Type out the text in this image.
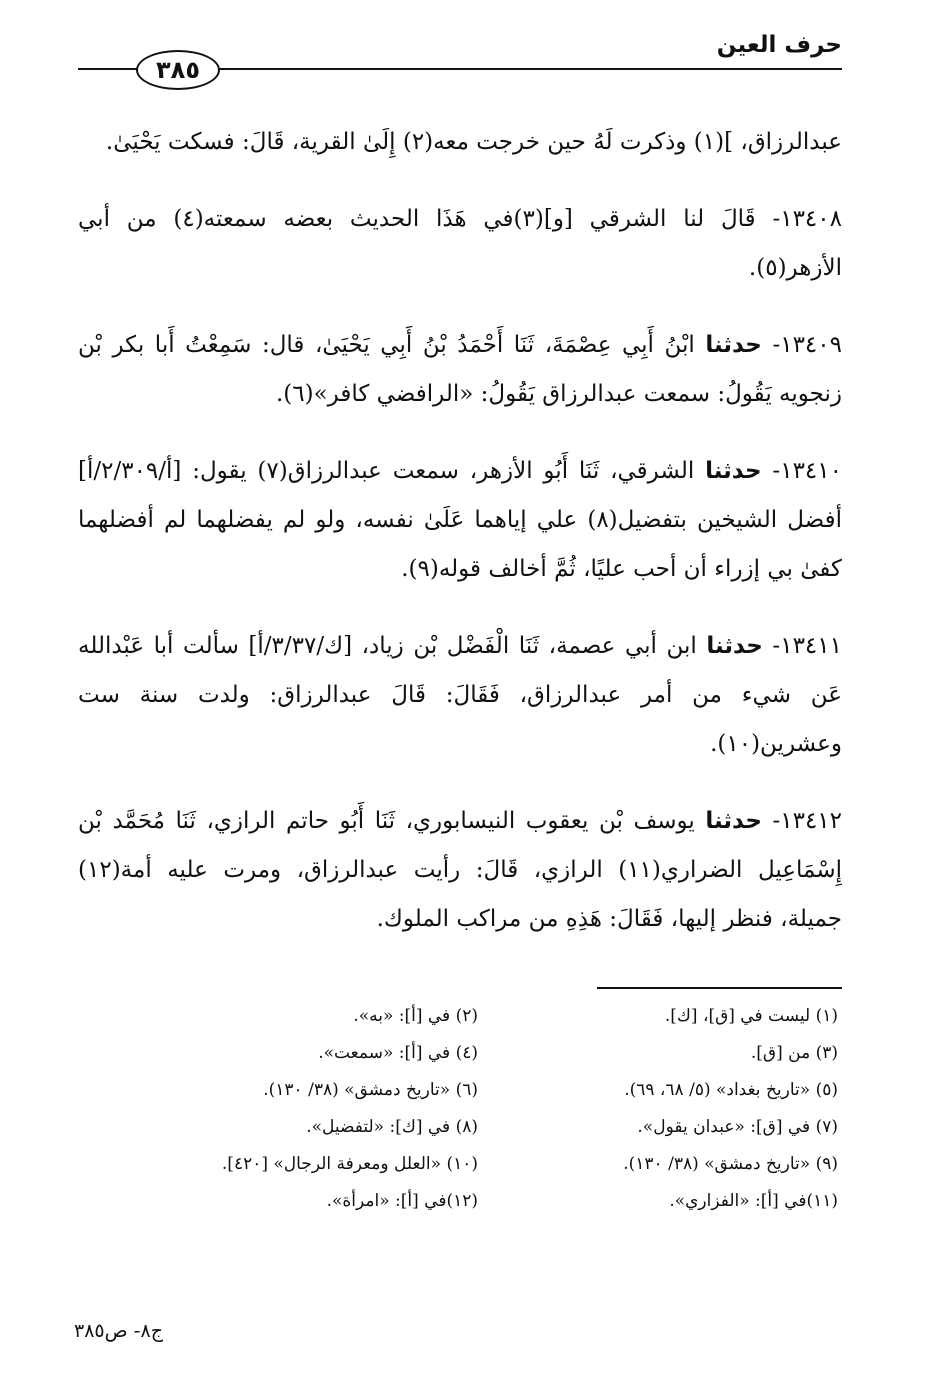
حرف العين
٣٨٥

عبدالرزاق، ](١) وذكرت لَهُ حين خرجت معه(٢) إِلَىٰ القرية، قَالَ: فسكت يَحْيَىٰ.

١٣٤٠٨- قَالَ لنا الشرقي [و](٣)في هَذَا الحديث بعضه سمعته(٤) من أبي الأزهر(٥).

١٣٤٠٩- حدثنا ابْنُ أَبِي عِصْمَةَ، ثَنَا أَحْمَدُ بْنُ أَبِي يَحْيَىٰ، قال: سَمِعْتُ أَبا بكر بْن زنجويه يَقُولُ: سمعت عبدالرزاق يَقُولُ: «الرافضي كافر»(٦).

١٣٤١٠- حدثنا الشرقي، ثَنَا أَبُو الأزهر، سمعت عبدالرزاق(٧) يقول: [أ/٢/٣٠٩/أ] أفضل الشيخين بتفضيل(٨) علي إياهما عَلَىٰ نفسه، ولو لم يفضلهما لم أفضلهما كفىٰ بي إزراء أن أحب عليًا، ثُمَّ أخالف قوله(٩).

١٣٤١١- حدثنا ابن أبي عصمة، ثَنَا الْفَضْل بْن زياد، [ك/٣/٣٧/أ] سألت أبا عَبْدالله عَن شيء من أمر عبدالرزاق، فَقَالَ: قَالَ عبدالرزاق: ولدت سنة ست وعشرين(١٠).

١٣٤١٢- حدثنا يوسف بْن يعقوب النيسابوري، ثَنَا أَبُو حاتم الرازي، ثَنَا مُحَمَّد بْن إِسْمَاعِيل الضراري(١١) الرازي، قَالَ: رأيت عبدالرزاق، ومرت عليه أمة(١٢) جميلة، فنظر إليها، فَقَالَ: هَذِهِ من مراكب الملوك.

(١) ليست في [ق]، [ك].
(٢) في [أ]: «به».
(٣) من [ق].
(٤) في [أ]: «سمعت».
(٥) «تاريخ بغداد» (٥/ ٦٨، ٦٩).
(٦) «تاريخ دمشق» (٣٨/ ١٣٠).
(٧) في [ق]: «عبدان يقول».
(٨) في [ك]: «لتفضيل».
(٩) «تاريخ دمشق» (٣٨/ ١٣٠).
(١٠) «العلل ومعرفة الرجال» [٤٢٠].
(١١)في [أ]: «الفزاري».
(١٢)في [أ]: «امرأة».
ج٨- ص٣٨٥
